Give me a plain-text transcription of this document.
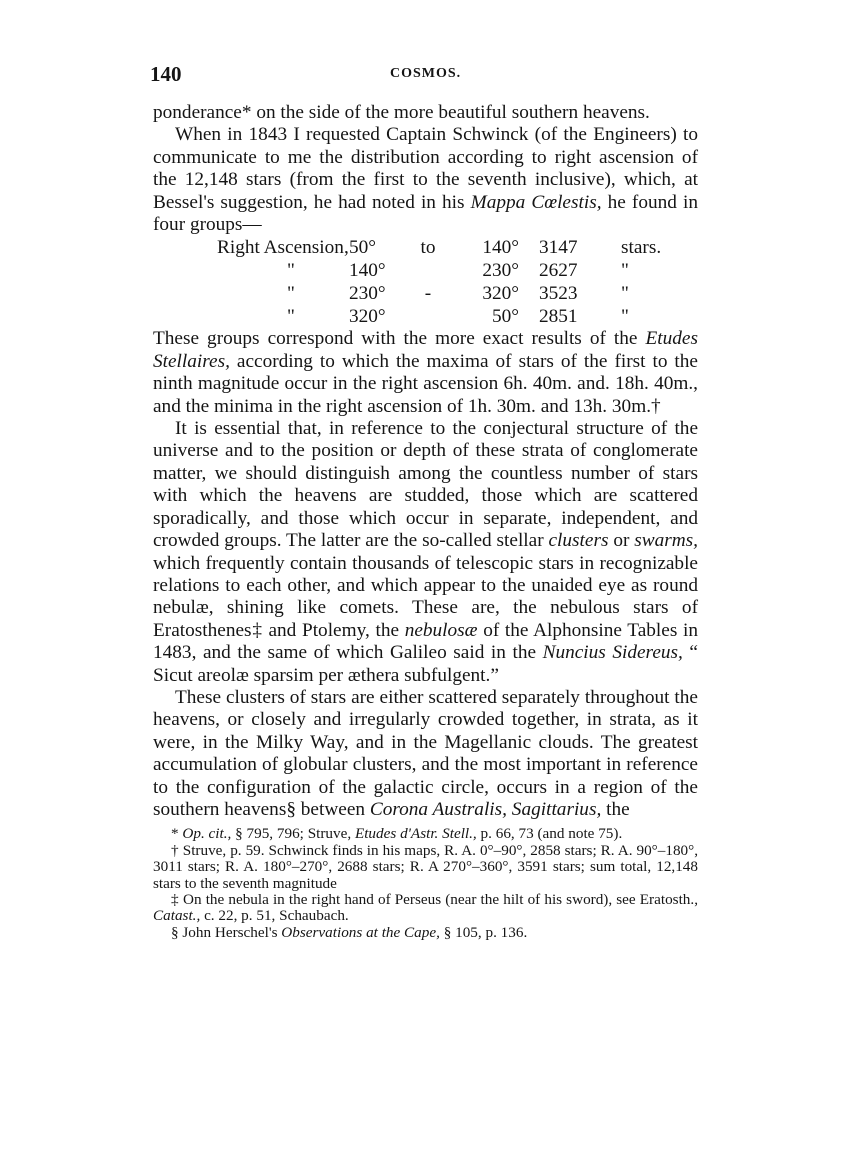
140	COSMOS.

ponderance* on the side of the more beautiful southern heavens.

When in 1843 I requested Captain Schwinck (of the Engineers) to communicate to me the distribution according to right ascension of the 12,148 stars (from the first to the seventh inclusive), which, at Bessel's suggestion, he had noted in his Mappa Cœlestis, he found in four groups—

Right Ascension,	50°	to	140°	3147	stars.
"	140°		230°	2627	"
"	230°	-	320°	3523	"
"	320°		50°	2851	"

These groups correspond with the more exact results of the Etudes Stellaires, according to which the maxima of stars of the first to the ninth magnitude occur in the right ascension 6h. 40m. and. 18h. 40m., and the minima in the right ascension of 1h. 30m. and 13h. 30m.†

It is essential that, in reference to the conjectural structure of the universe and to the position or depth of these strata of conglomerate matter, we should distinguish among the countless number of stars with which the heavens are studded, those which are scattered sporadically, and those which occur in separate, independent, and crowded groups. The latter are the so-called stellar clusters or swarms, which frequently contain thousands of telescopic stars in recognizable relations to each other, and which appear to the unaided eye as round nebulæ, shining like comets. These are, the nebulous stars of Eratosthenes‡ and Ptolemy, the nebulosæ of the Alphonsine Tables in 1483, and the same of which Galileo said in the Nuncius Sidereus, “ Sicut areolæ sparsim per æthera subfulgent.”

These clusters of stars are either scattered separately throughout the heavens, or closely and irregularly crowded together, in strata, as it were, in the Milky Way, and in the Magellanic clouds. The greatest accumulation of globular clusters, and the most important in reference to the configuration of the galactic circle, occurs in a region of the southern heavens§ between Corona Australis, Sagittarius, the

* Op. cit., § 795, 796; Struve, Etudes d'Astr. Stell., p. 66, 73 (and note 75).

† Struve, p. 59. Schwinck finds in his maps, R. A. 0°–90°, 2858 stars; R. A. 90°–180°, 3011 stars; R. A. 180°–270°, 2688 stars; R. A 270°–360°, 3591 stars; sum total, 12,148 stars to the seventh magnitude

‡ On the nebula in the right hand of Perseus (near the hilt of his sword), see Eratosth., Catast., c. 22, p. 51, Schaubach.

§ John Herschel's Observations at the Cape, § 105, p. 136.
